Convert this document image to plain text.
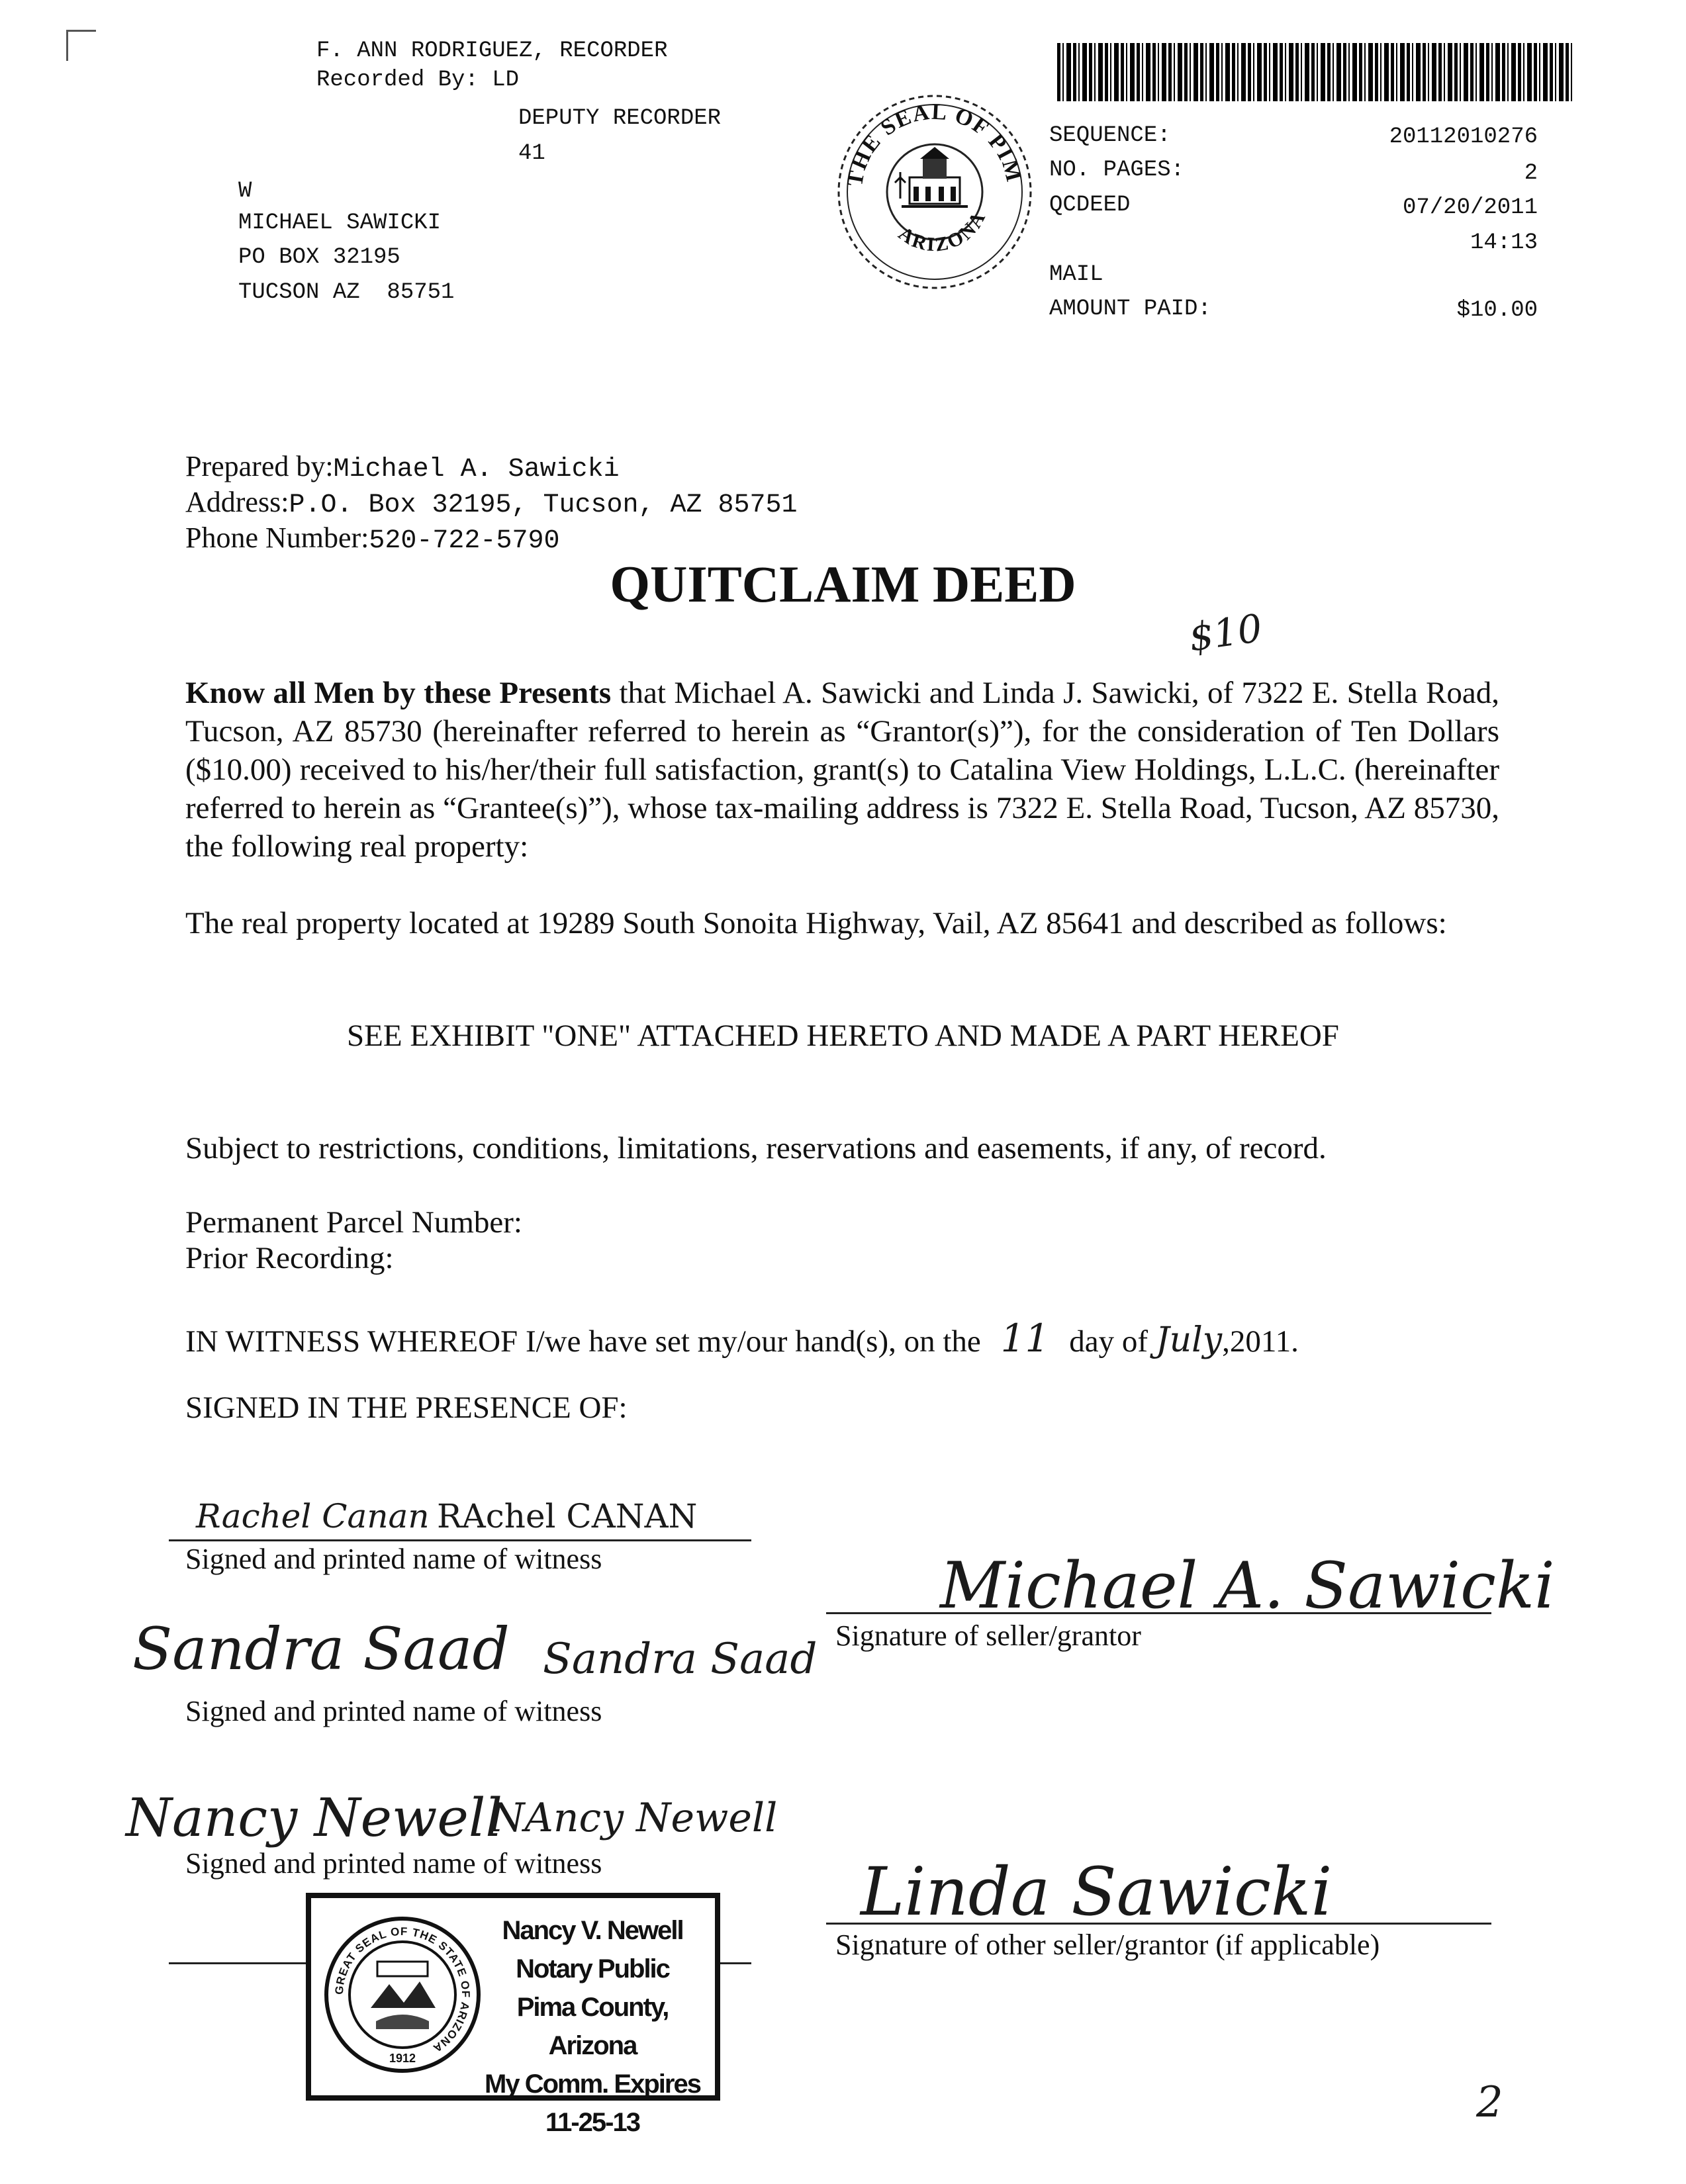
F. ANN RODRIGUEZ, RECORDER
Recorded By: LD
DEPUTY RECORDER
41
W
MICHAEL SAWICKI
PO BOX 32195
TUCSON AZ  85751
THE SEAL OF PIM
ARIZONA
SEQUENCE:	20112010276
NO. PAGES:	2
QCDEED	07/20/2011
14:13
MAIL
AMOUNT PAID:	$10.00
Prepared by:Michael A. Sawicki
Address:P.O. Box 32195, Tucson, AZ 85751
Phone Number:520-722-5790
QUITCLAIM DEED
$10
Know all Men by these Presents that Michael A. Sawicki and Linda J. Sawicki, of 7322 E. Stella Road, Tucson, AZ 85730 (hereinafter referred to herein as “Grantor(s)”), for the consideration of Ten Dollars ($10.00) received to his/her/their full satisfaction, grant(s) to Catalina View Holdings, L.L.C. (hereinafter referred to herein as “Grantee(s)”), whose tax-mailing address is 7322 E. Stella Road, Tucson, AZ 85730, the following real property:
The real property located at 19289 South Sonoita Highway, Vail, AZ 85641 and described as follows:
SEE EXHIBIT "ONE" ATTACHED HERETO AND MADE A PART HEREOF
Subject to restrictions, conditions, limitations, reservations and easements, if any, of record.
Permanent Parcel Number:
Prior Recording:
IN WITNESS WHEREOF I/we have set my/our hand(s), on the 11 day of July,2011.
SIGNED IN THE PRESENCE OF:
Rachel Canan RAchel CANAN
Signed and printed name of witness	Michael A. Sawicki
Signature of seller/grantor
Sandra Saad Sandra Saad
Signed and printed name of witness
Nancy Newell
NAncy Newell
Signed and printed name of witness	Linda Sawicki
Signature of other seller/grantor (if applicable)
GREAT SEAL OF THE STATE OF ARIZONA
1912
Nancy V. Newell
Notary Public
Pima County, Arizona
My Comm. Expires 11-25-13	2
